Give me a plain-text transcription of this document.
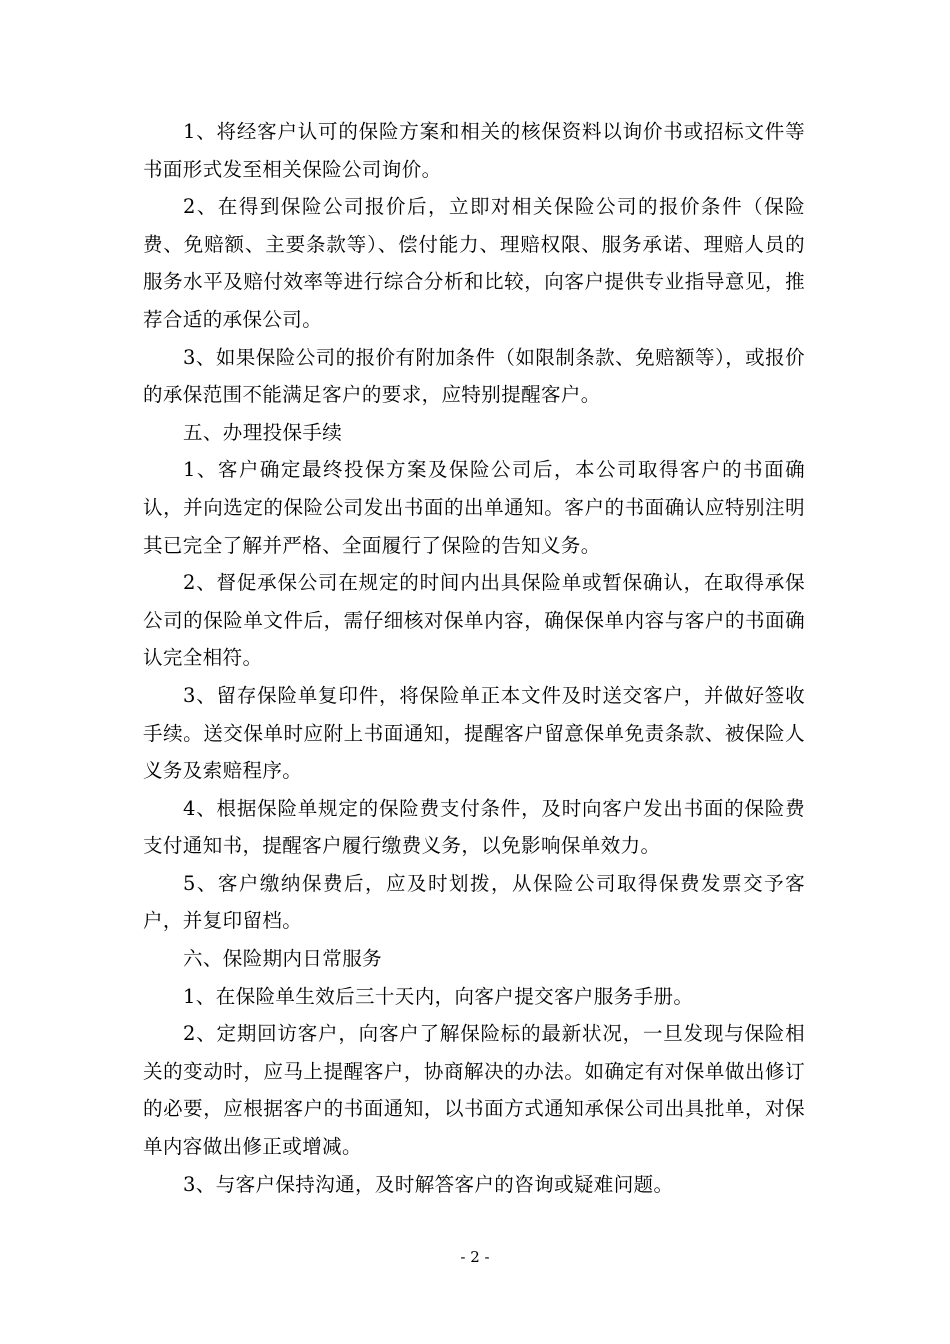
1、将经客户认可的保险方案和相关的核保资料以询价书或招标文件等书面形式发至相关保险公司询价。

2、在得到保险公司报价后，立即对相关保险公司的报价条件（保险费、免赔额、主要条款等）、偿付能力、理赔权限、服务承诺、理赔人员的服务水平及赔付效率等进行综合分析和比较，向客户提供专业指导意见，推荐合适的承保公司。

3、如果保险公司的报价有附加条件（如限制条款、免赔额等），或报价的承保范围不能满足客户的要求，应特别提醒客户。

五、办理投保手续

1、客户确定最终投保方案及保险公司后，本公司取得客户的书面确认，并向选定的保险公司发出书面的出单通知。客户的书面确认应特别注明其已完全了解并严格、全面履行了保险的告知义务。

2、督促承保公司在规定的时间内出具保险单或暂保确认，在取得承保公司的保险单文件后，需仔细核对保单内容，确保保单内容与客户的书面确认完全相符。

3、留存保险单复印件，将保险单正本文件及时送交客户，并做好签收手续。送交保单时应附上书面通知，提醒客户留意保单免责条款、被保险人义务及索赔程序。

4、根据保险单规定的保险费支付条件，及时向客户发出书面的保险费支付通知书，提醒客户履行缴费义务，以免影响保单效力。

5、客户缴纳保费后，应及时划拨，从保险公司取得保费发票交予客户，并复印留档。

六、保险期内日常服务

1、在保险单生效后三十天内，向客户提交客户服务手册。

2、定期回访客户，向客户了解保险标的最新状况，一旦发现与保险相关的变动时，应马上提醒客户，协商解决的办法。如确定有对保单做出修订的必要，应根据客户的书面通知，以书面方式通知承保公司出具批单，对保单内容做出修正或增减。

3、与客户保持沟通，及时解答客户的咨询或疑难问题。

- 2 -
